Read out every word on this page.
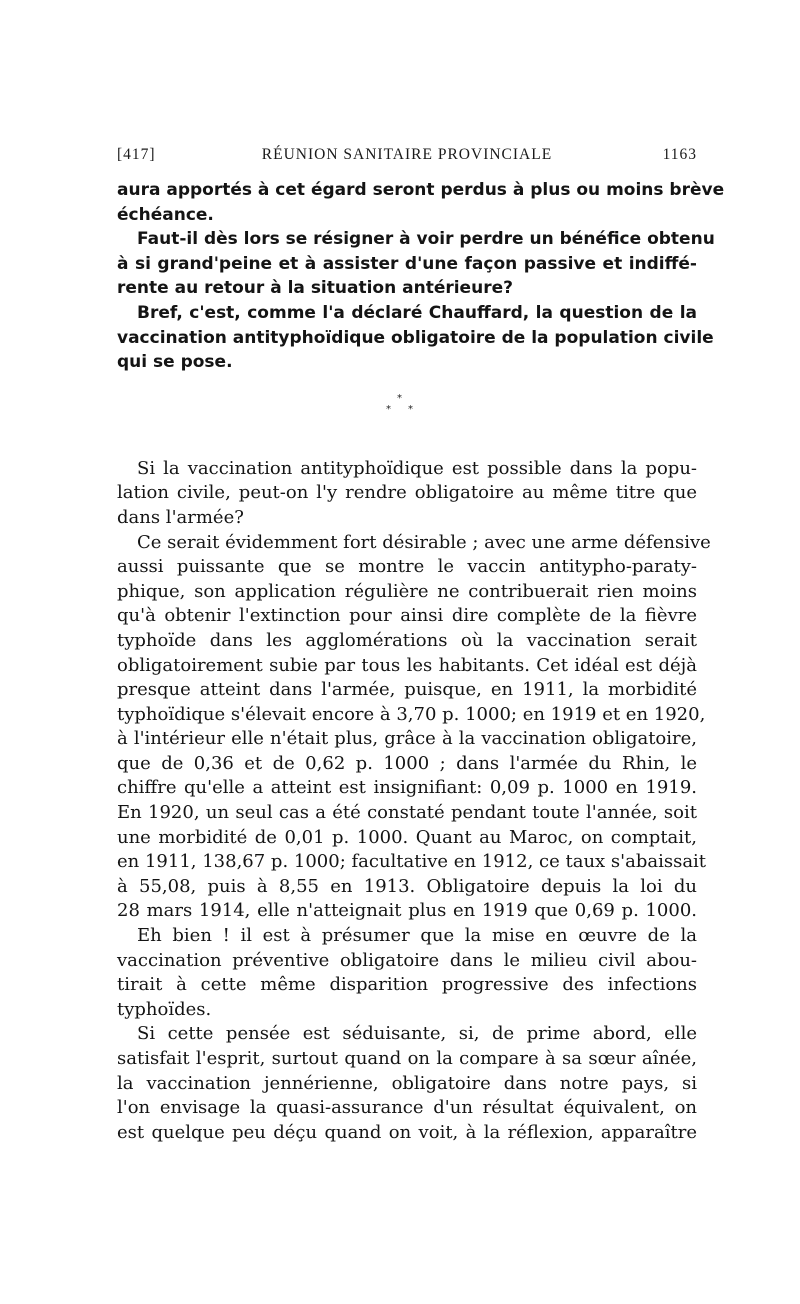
[417]	RÉUNION SANITAIRE PROVINCIALE	1163
aura apportés à cet égard seront perdus à plus ou moins brève
échéance.
Faut-il dès lors se résigner à voir perdre un bénéfice obtenu
à si grand'peine et à assister d'une façon passive et indiffé-
rente au retour à la situation antérieure?
Bref, c'est, comme l'a déclaré Chauffard, la question de la
vaccination antityphoïdique obligatoire de la population civile
qui se pose.
Si la vaccination antityphoïdique est possible dans la popu-
lation civile, peut-on l'y rendre obligatoire au même titre que
dans l'armée?
Ce serait évidemment fort désirable ; avec une arme défensive
aussi puissante que se montre le vaccin antitypho-paraty-
phique, son application régulière ne contribuerait rien moins
qu'à obtenir l'extinction pour ainsi dire complète de la fièvre
typhoïde dans les agglomérations où la vaccination serait
obligatoirement subie par tous les habitants. Cet idéal est déjà
presque atteint dans l'armée, puisque, en 1911, la morbidité
typhoïdique s'élevait encore à 3,70 p. 1000; en 1919 et en 1920,
à l'intérieur elle n'était plus, grâce à la vaccination obligatoire,
que de 0,36 et de 0,62 p. 1000 ; dans l'armée du Rhin, le
chiffre qu'elle a atteint est insignifiant: 0,09 p. 1000 en 1919.
En 1920, un seul cas a été constaté pendant toute l'année, soit
une morbidité de 0,01 p. 1000. Quant au Maroc, on comptait,
en 1911, 138,67 p. 1000; facultative en 1912, ce taux s'abaissait
à 55,08, puis à 8,55 en 1913. Obligatoire depuis la loi du
28 mars 1914, elle n'atteignait plus en 1919 que 0,69 p. 1000.
Eh bien ! il est à présumer que la mise en œuvre de la
vaccination préventive obligatoire dans le milieu civil abou-
tirait à cette même disparition progressive des infections
typhoïdes.
Si cette pensée est séduisante, si, de prime abord, elle
satisfait l'esprit, surtout quand on la compare à sa sœur aînée,
la vaccination jennérienne, obligatoire dans notre pays, si
l'on envisage la quasi-assurance d'un résultat équivalent, on
est quelque peu déçu quand on voit, à la réflexion, apparaître
*
* *
